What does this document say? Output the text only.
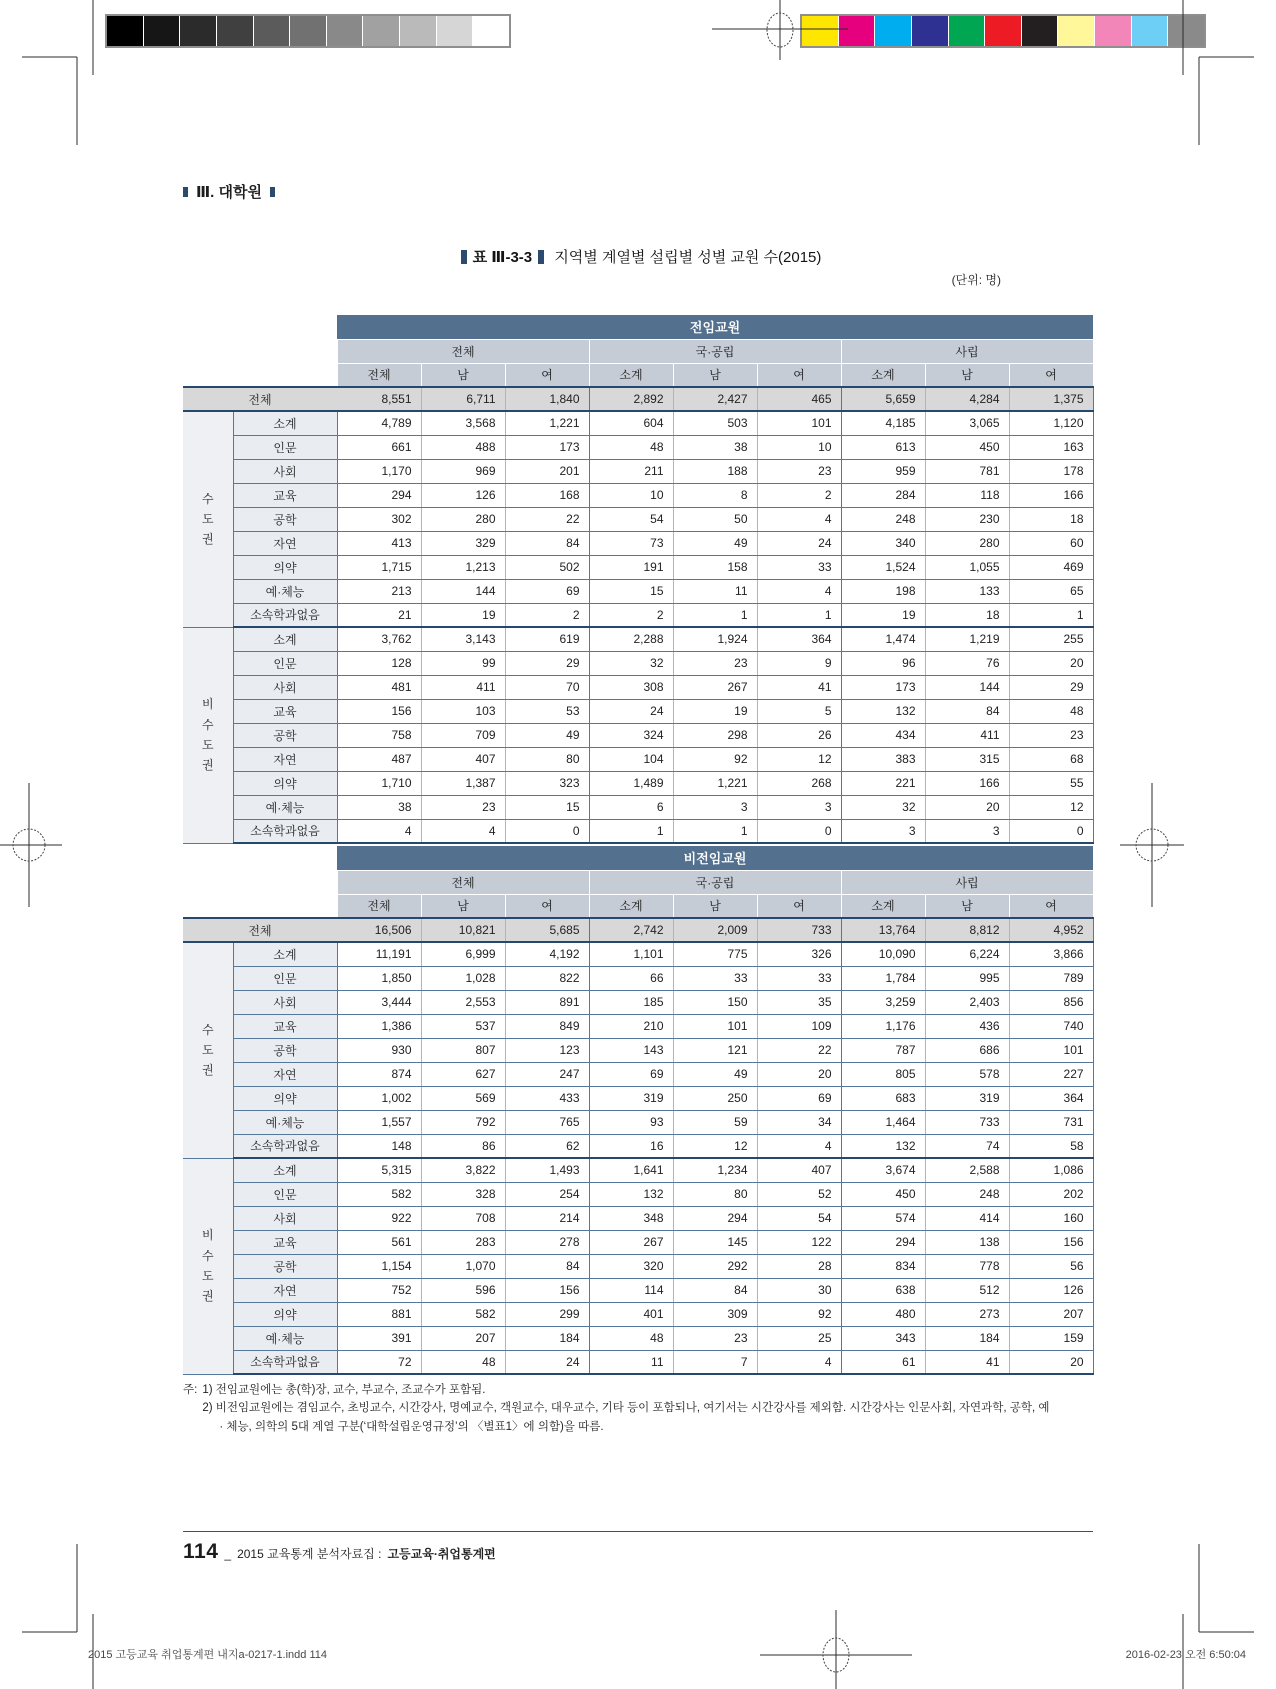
Ⅲ. 대학원
표 Ⅲ-3-3 지역별 계열별 설립별 성별 교원 수(2015)
(단위: 명)
		전임교원								
		전체			국·공립			사립		
		전체	남	여	소계	남	여	소계	남	여
전체		8,551	6,711	1,840	2,892	2,427	465	5,659	4,284	1,375

수
도
권	소계	4,789	3,568	1,221	604	503	101	4,185	3,065	1,120
	인문	661	488	173	48	38	10	613	450	163
	사회	1,170	969	201	211	188	23	959	781	178
	교육	294	126	168	10	8	2	284	118	166
	공학	302	280	22	54	50	4	248	230	18
	자연	413	329	84	73	49	24	340	280	60
	의약	1,715	1,213	502	191	158	33	1,524	1,055	469
	예·체능	213	144	69	15	11	4	198	133	65
	소속학과없음	21	19	2	2	1	1	19	18	1

비
수
도
권	소계	3,762	3,143	619	2,288	1,924	364	1,474	1,219	255
	인문	128	99	29	32	23	9	96	76	20
	사회	481	411	70	308	267	41	173	144	29
	교육	156	103	53	24	19	5	132	84	48
	공학	758	709	49	324	298	26	434	411	23
	자연	487	407	80	104	92	12	383	315	68
	의약	1,710	1,387	323	1,489	1,221	268	221	166	55
	예·체능	38	23	15	6	3	3	32	20	12
	소속학과없음	4	4	0	1	1	0	3	3	0
		비전임교원								
		전체			국·공립			사립		
		전체	남	여	소계	남	여	소계	남	여
전체		16,506	10,821	5,685	2,742	2,009	733	13,764	8,812	4,952

수
도
권	소계	11,191	6,999	4,192	1,101	775	326	10,090	6,224	3,866
	인문	1,850	1,028	822	66	33	33	1,784	995	789
	사회	3,444	2,553	891	185	150	35	3,259	2,403	856
	교육	1,386	537	849	210	101	109	1,176	436	740
	공학	930	807	123	143	121	22	787	686	101
	자연	874	627	247	69	49	20	805	578	227
	의약	1,002	569	433	319	250	69	683	319	364
	예·체능	1,557	792	765	93	59	34	1,464	733	731
	소속학과없음	148	86	62	16	12	4	132	74	58

비
수
도
권	소계	5,315	3,822	1,493	1,641	1,234	407	3,674	2,588	1,086
	인문	582	328	254	132	80	52	450	248	202
	사회	922	708	214	348	294	54	574	414	160
	교육	561	283	278	267	145	122	294	138	156
	공학	1,154	1,070	84	320	292	28	834	778	56
	자연	752	596	156	114	84	30	638	512	126
	의약	881	582	299	401	309	92	480	273	207
	예·체능	391	207	184	48	23	25	343	184	159
	소속학과없음	72	48	24	11	7	4	61	41	20
주: 1) 전임교원에는 총(학)장, 교수, 부교수, 조교수가 포함됨.
2) 비전임교원에는 겸임교수, 초빙교수, 시간강사, 명예교수, 객원교수, 대우교수, 기타 등이 포함되나, 여기서는 시간강사를 제외함. 시간강사는 인문사회, 자연과학, 공학, 예 · 체능, 의학의 5대 계열 구분(‘대학설립운영규정’의 〈별표1〉에 의함)을 따름.
114 _ 2015 교육통계 분석자료집 : 고등교육·취업통계편
2015 고등교육 취업통계편 내지a-0217-1.indd 114	2016-02-23 오전 6:50:04
